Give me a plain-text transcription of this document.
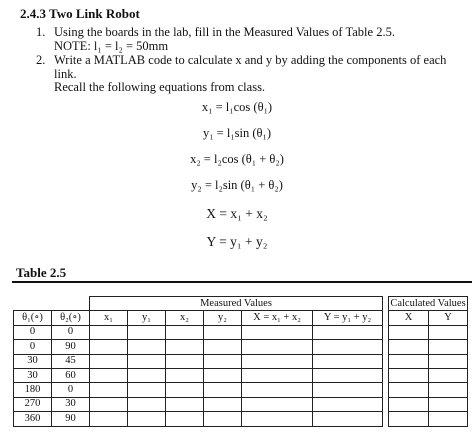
2.4.3 Two Link Robot
1. Using the boards in the lab, fill in the Measured Values of Table 2.5.
NOTE: l₁ = l₂ = 50mm
2. Write a MATLAB code to calculate x and y by adding the components of each link.
Recall the following equations from class.
x₁ = l₁cos (θ₁)
y₁ = l₁sin (θ₁)
x₂ = l₂cos (θ₁ + θ₂)
y₂ = l₂sin (θ₁ + θ₂)
X = x₁ + x₂
Y = y₁ + y₂
Table 2.5
		Measured Values							Calculated Values	
θ₁(∘)	θ₂(∘)	x₁	y₁	x₂	y₂	X = x₁ + x₂	Y = y₁ + y₂		X	Y
0	0									
0	90									
30	45									
30	60									
180	0									
270	30									
360	90									
